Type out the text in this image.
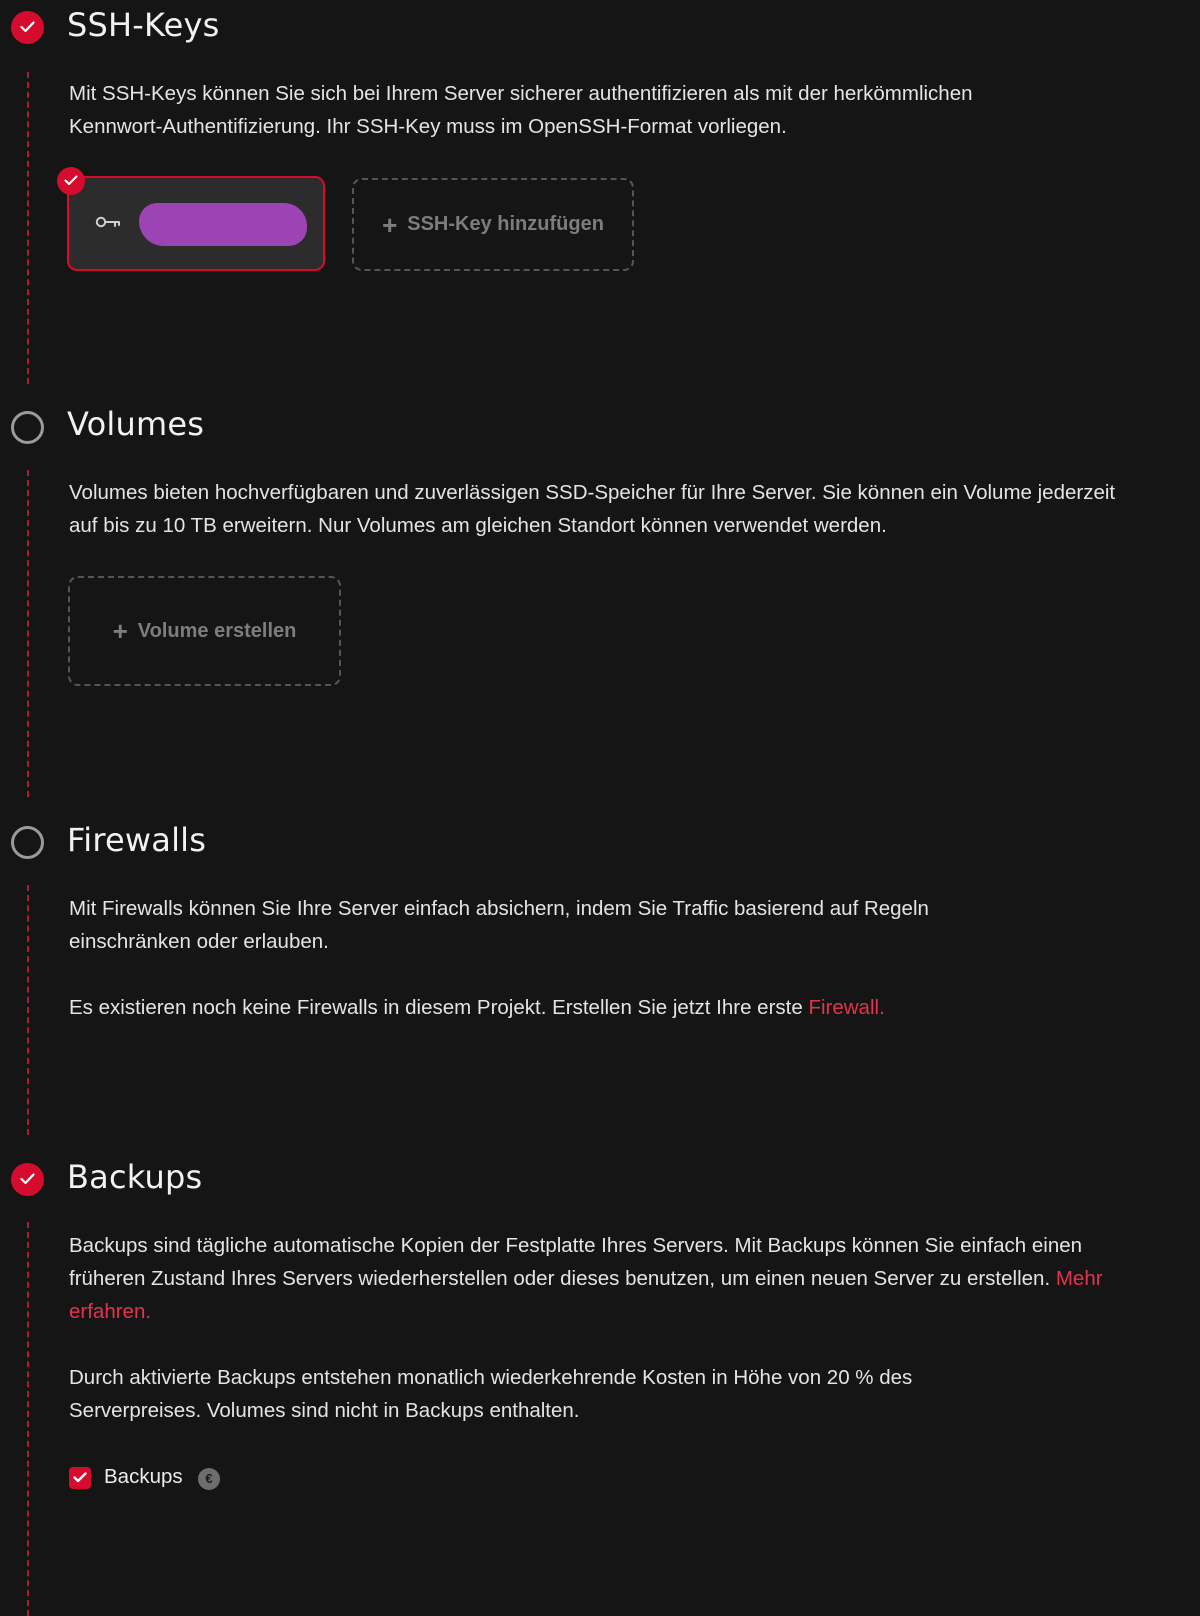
SSH-Keys

Mit SSH-Keys können Sie sich bei Ihrem Server sicherer authentifizieren als mit der herkömmlichen Kennwort-Authentifizierung. Ihr SSH-Key muss im OpenSSH-Format vorliegen.

+ SSH-Key hinzufügen
Volumes

Volumes bieten hochverfügbaren und zuverlässigen SSD-Speicher für Ihre Server. Sie können ein Volume jederzeit auf bis zu 10 TB erweitern. Nur Volumes am gleichen Standort können verwendet werden.

+ Volume erstellen
Firewalls

Mit Firewalls können Sie Ihre Server einfach absichern, indem Sie Traffic basierend auf Regeln einschränken oder erlauben.

Es existieren noch keine Firewalls in diesem Projekt. Erstellen Sie jetzt Ihre erste Firewall.

Backups

Backups sind tägliche automatische Kopien der Festplatte Ihres Servers. Mit Backups können Sie einfach einen früheren Zustand Ihres Servers wiederherstellen oder dieses benutzen, um einen neuen Server zu erstellen. Mehr erfahren.

Durch aktivierte Backups entstehen monatlich wiederkehrende Kosten in Höhe von 20 % des Serverpreises. Volumes sind nicht in Backups enthalten.

Backups	€
